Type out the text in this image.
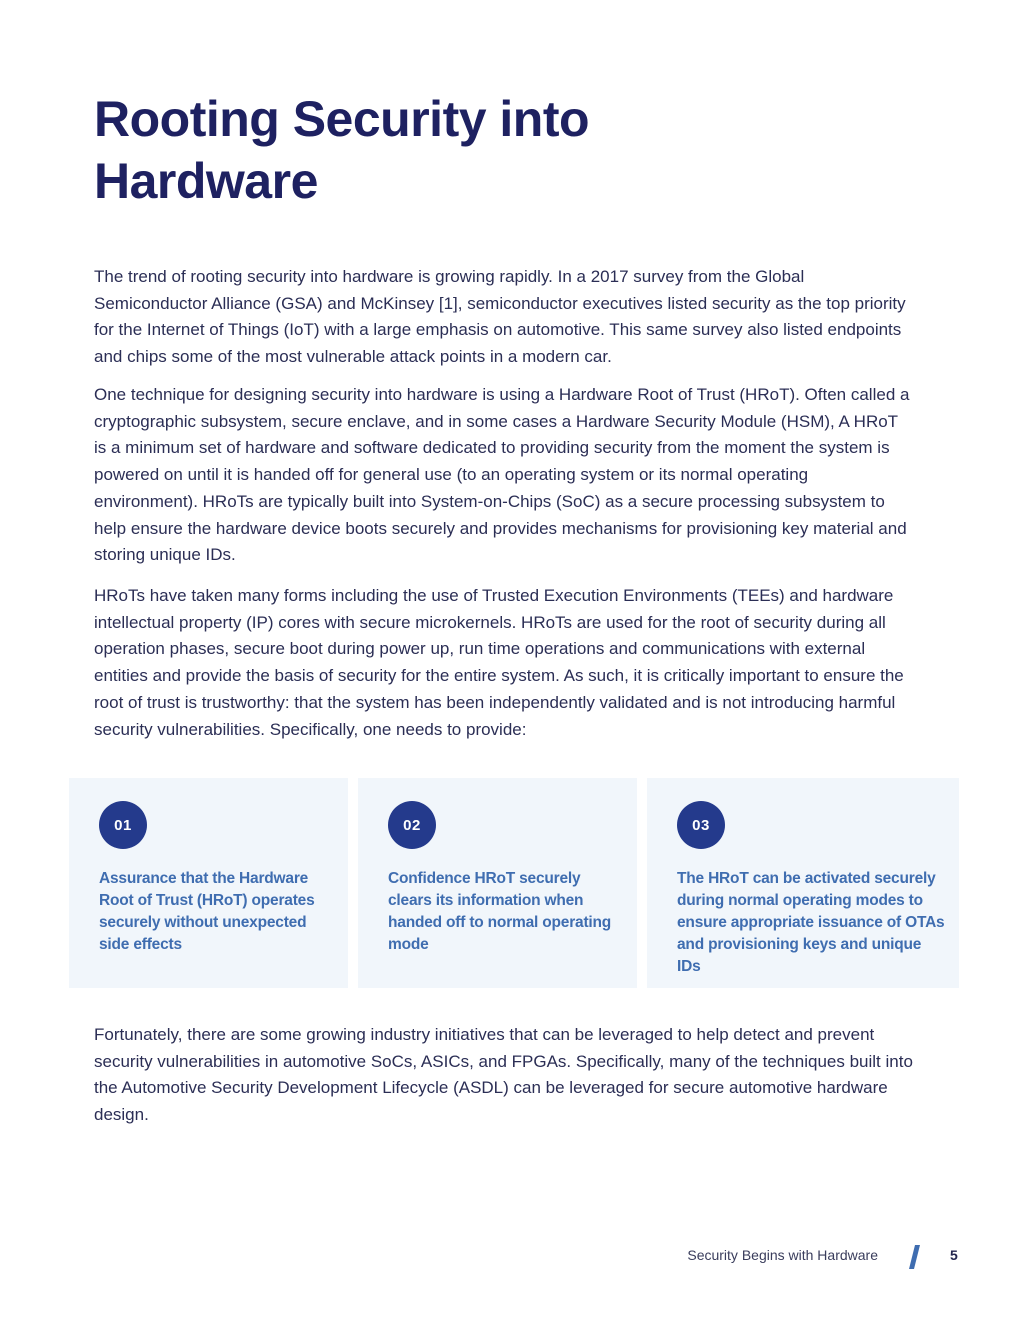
Rooting Security into Hardware

The trend of rooting security into hardware is growing rapidly. In a 2017 survey from the Global Semiconductor Alliance (GSA) and McKinsey [1], semiconductor executives listed security as the top priority for the Internet of Things (IoT) with a large emphasis on automotive. This same survey also listed endpoints and chips some of the most vulnerable attack points in a modern car.

One technique for designing security into hardware is using a Hardware Root of Trust (HRoT). Often called a cryptographic subsystem, secure enclave, and in some cases a Hardware Security Module (HSM), A HRoT is a minimum set of hardware and software dedicated to providing security from the moment the system is powered on until it is handed off for general use (to an operating system or its normal operating environment). HRoTs are typically built into System-on-Chips (SoC) as a secure processing subsystem to help ensure the hardware device boots securely and provides mechanisms for provisioning key material and storing unique IDs.

HRoTs have taken many forms including the use of Trusted Execution Environments (TEEs) and hardware intellectual property (IP) cores with secure microkernels. HRoTs are used for the root of security during all operation phases, secure boot during power up, run time operations and communications with external entities and provide the basis of security for the entire system. As such, it is critically important to ensure the root of trust is trustworthy: that the system has been independently validated and is not introducing harmful security vulnerabilities. Specifically, one needs to provide:

01

Assurance that the Hardware Root of Trust (HRoT) operates securely without unexpected side effects

02

Confidence HRoT securely clears its information when handed off to normal operating mode

03

The HRoT can be activated securely during normal operating modes to ensure appropriate issuance of OTAs and provisioning keys and unique IDs

Fortunately, there are some growing industry initiatives that can be leveraged to help detect and prevent security vulnerabilities in automotive SoCs, ASICs, and FPGAs. Specifically, many of the techniques built into the Automotive Security Development Lifecycle (ASDL) can be leveraged for secure automotive hardware design.

Security Begins with Hardware	5
